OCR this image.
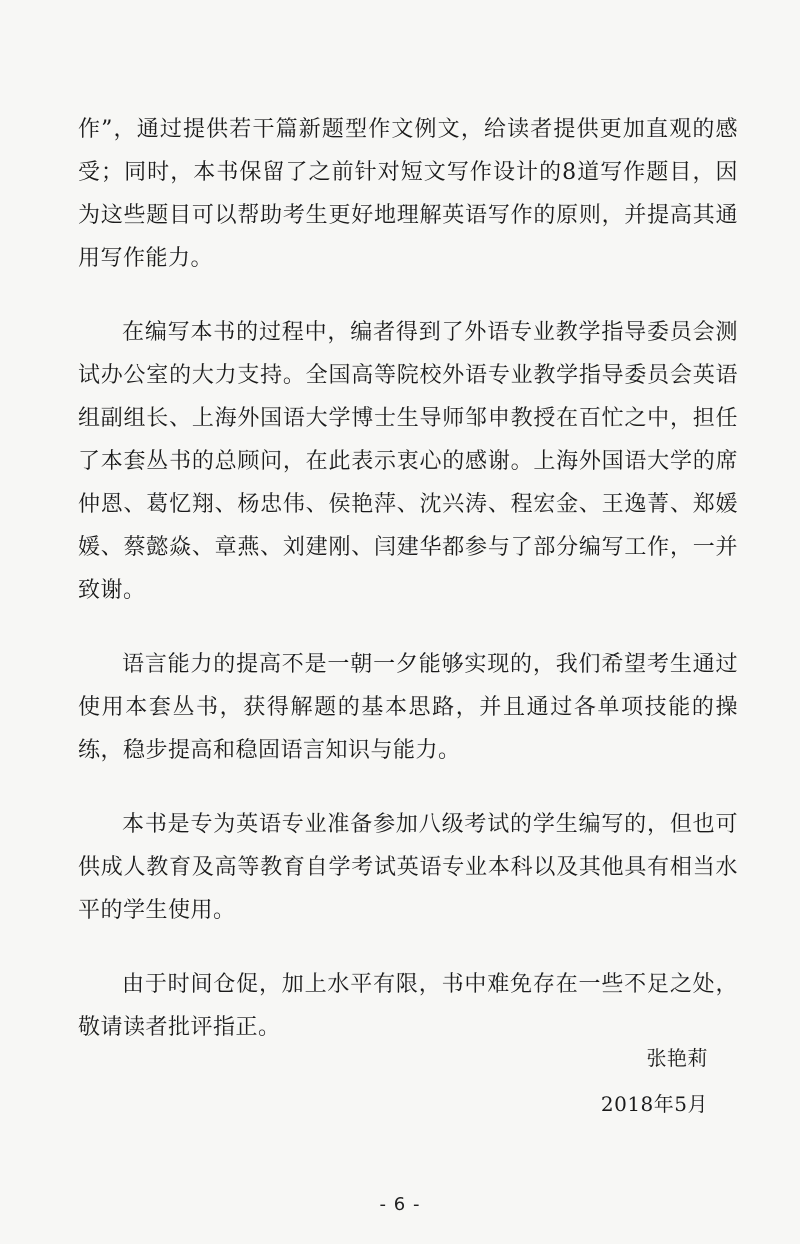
作”，通过提供若干篇新题型作文例文，给读者提供更加直观的感受；同时，本书保留了之前针对短文写作设计的8道写作题目，因为这些题目可以帮助考生更好地理解英语写作的原则，并提高其通用写作能力。

在编写本书的过程中，编者得到了外语专业教学指导委员会测试办公室的大力支持。全国高等院校外语专业教学指导委员会英语组副组长、上海外国语大学博士生导师邹申教授在百忙之中，担任了本套丛书的总顾问，在此表示衷心的感谢。上海外国语大学的席仲恩、葛忆翔、杨忠伟、侯艳萍、沈兴涛、程宏金、王逸菁、郑媛媛、蔡懿焱、章燕、刘建刚、闫建华都参与了部分编写工作，一并致谢。

语言能力的提高不是一朝一夕能够实现的，我们希望考生通过使用本套丛书，获得解题的基本思路，并且通过各单项技能的操练，稳步提高和稳固语言知识与能力。

本书是专为英语专业准备参加八级考试的学生编写的，但也可供成人教育及高等教育自学考试英语专业本科以及其他具有相当水平的学生使用。

由于时间仓促，加上水平有限，书中难免存在一些不足之处，敬请读者批评指正。

张艳莉
2018年5月
- 6 -
